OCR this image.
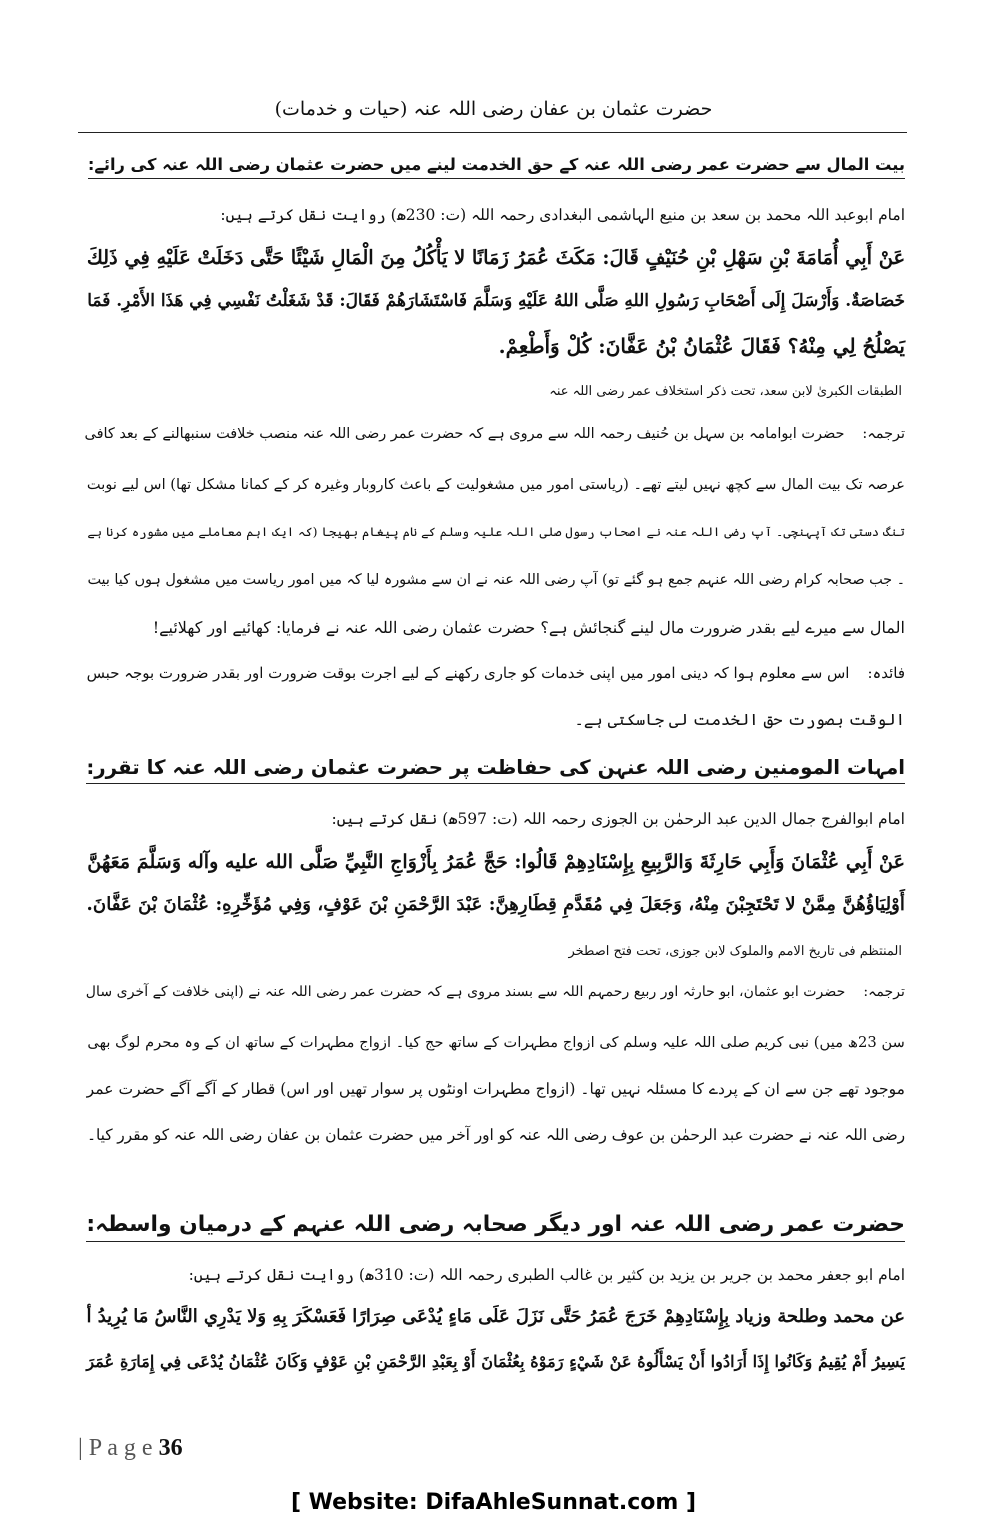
حضرت عثمان بن عفان رضی اللہ عنہ (حیات و خدمات)
بیت المال سے حضرت عمر رضی اللہ عنہ کے حق الخدمت لینے میں حضرت عثمان رضی اللہ عنہ کی رائے:
امام ابوعبد اللہ محمد بن سعد بن منیع الہاشمی البغدادی رحمہ اللہ (ت: 230ھ) روایت نقل کرتے ہیں:
عَنْ أَبِي أُمَامَةَ بْنِ سَهْلِ بْنِ حُنَيْفٍ قَالَ: مَكَثَ عُمَرُ زَمَانًا لا يَأْكُلُ مِنَ الْمَالِ شَيْئًا حَتَّى دَخَلَتْ عَلَيْهِ فِي ذَلِكَ
خَصَاصَةٌ. وَأَرْسَلَ إِلَى أَصْحَابِ رَسُولِ اللهِ صَلَّى اللهُ عَلَيْهِ وَسَلَّمَ فَاسْتَشَارَهُمْ فَقَالَ: قَدْ شَغَلْتُ نَفْسِي فِي هَذَا الأَمْرِ. فَمَا
يَصْلُحُ لِي مِنْهُ؟ فَقَالَ عُثْمَانُ بْنُ عَفَّانَ: كُلْ وَأَطْعِمْ.
الطبقات الکبریٰ لابن سعد، تحت ذکر استخلاف عمر رضی اللہ عنہ
ترجمہ:حضرت ابوامامہ بن سہل بن حُنیف رحمہ اللہ سے مروی ہے کہ حضرت عمر رضی اللہ عنہ منصب خلافت سنبھالنے کے بعد کافی
عرصہ تک بیت المال سے کچھ نہیں لیتے تھے۔ (ریاستی امور میں مشغولیت کے باعث کاروبار وغیرہ کر کے کمانا مشکل تھا) اس لیے نوبت
تنگ دستی تک آپہنچی۔ آپ رضی اللہ عنہ نے اصحاب رسول صلی اللہ علیہ وسلم کے نام پیغام بھیجا (کہ ایک اہم معاملے میں مشورہ کرنا ہے
۔ جب صحابہ کرام رضی اللہ عنہم جمع ہو گئے تو) آپ رضی اللہ عنہ نے ان سے مشورہ لیا کہ میں امور ریاست میں مشغول ہوں کیا بیت
المال سے میرے لیے بقدر ضرورت مال لینے گنجائش ہے؟ حضرت عثمان رضی اللہ عنہ نے فرمایا: کھائیے اور کھلائیے!
فائدہ:اس سے معلوم ہوا کہ دینی امور میں اپنی خدمات کو جاری رکھنے کے لیے اجرت بوقت ضرورت اور بقدر ضرورت بوجہ حبس
الوقت بصورت حق الخدمت لی جاسکتی ہے۔
امہات المومنین رضی اللہ عنہن کی حفاظت پر حضرت عثمان رضی اللہ عنہ کا تقرر:
امام ابوالفرج جمال الدین عبد الرحمٰن بن الجوزی رحمہ اللہ (ت: 597ھ) نقل کرتے ہیں:
عَنْ أَبِي عُثْمَانَ وَأَبِي حَارِثَةَ وَالرَّبِيعِ بِإِسْنَادِهِمْ قَالُوا: حَجَّ عُمَرُ بِأَزْوَاجِ النَّبِيِّ صَلَّى الله عليه وآله وَسَلَّمَ مَعَهُنَّ
أَوْلِيَاؤُهُنَّ مِمَّنْ لا تَحْتَجِبْنَ مِنْهُ، وَجَعَلَ فِي مُقَدَّمِ قِطَارِهِنَّ: عَبْدَ الرَّحْمَنِ بْنَ عَوْفٍ، وَفِي مُؤَخِّرِهِ: عُثْمَانَ بْنَ عَفَّانَ.
المنتظم فی تاریخ الامم والملوک لابن جوزی، تحت فتح اصطخر
ترجمہ:حضرت ابو عثمان، ابو حارثہ اور ربیع رحمہم اللہ سے بسند مروی ہے کہ حضرت عمر رضی اللہ عنہ نے (اپنی خلافت کے آخری سال
سن 23ھ میں) نبی کریم صلی اللہ علیہ وسلم کی ازواج مطہرات کے ساتھ حج کیا۔ ازواج مطہرات کے ساتھ ان کے وہ محرم لوگ بھی
موجود تھے جن سے ان کے پردے کا مسئلہ نہیں تھا۔ (ازواج مطہرات اونٹوں پر سوار تھیں اور اس) قطار کے آگے آگے حضرت عمر
رضی اللہ عنہ نے حضرت عبد الرحمٰن بن عوف رضی اللہ عنہ کو اور آخر میں حضرت عثمان بن عفان رضی اللہ عنہ کو مقرر کیا۔
حضرت عمر رضی اللہ عنہ اور دیگر صحابہ رضی اللہ عنہم کے درمیان واسطہ:
امام ابو جعفر محمد بن جریر بن یزید بن کثیر بن غالب الطبری رحمہ اللہ (ت: 310ھ) روایت نقل کرتے ہیں:
عن محمد وطلحة وزياد بِإِسْنَادِهِمْ خَرَجَ عُمَرُ حَتَّى نَزَلَ عَلَى مَاءٍ يُدْعَى صِرَارًا فَعَسْكَرَ بِهِ وَلا يَدْرِي النَّاسُ مَا يُرِيدُ أ
يَسِيرُ أَمْ يُقِيمُ وَكَانُوا إِذَا أَرَادُوا أَنْ يَسْأَلُوهُ عَنْ شَيْءٍ رَمَوْهُ بِعُثْمَانَ أَوْ بِعَبْدِ الرَّحْمَنِ بْنِ عَوْفٍ وَكَانَ عُثْمَانُ يُدْعَى فِي إِمَارَةِ عُمَرَ
| P a g e 36
[ Website: DifaAhleSunnat.com ]
